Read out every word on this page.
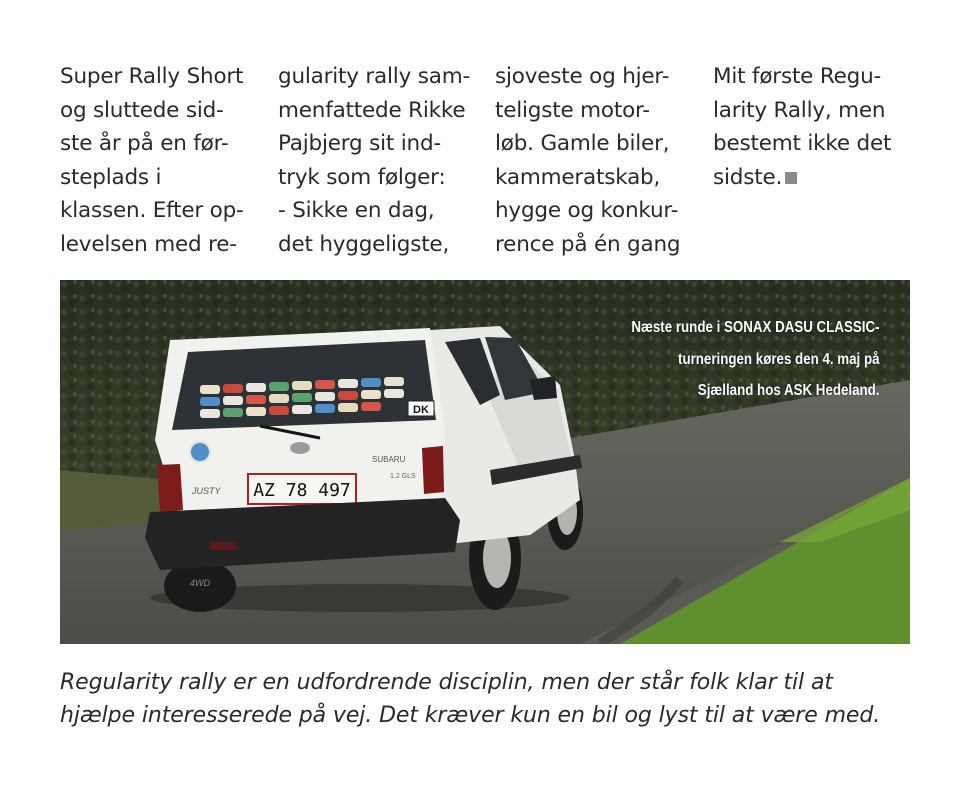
Super Rally Short

og sluttede sid-

ste år på en før-

steplads i

klassen. Efter op-

levelsen med re-

gularity rally sam-

menfattede Rikke

Pajbjerg sit ind-

tryk som følger:

- Sikke en dag,

det hyggeligste,

sjoveste og hjer-

teligste motor-

løb. Gamle biler,

kammeratskab,

hygge og konkur-

rence på én gang

Mit første Regu-

larity Rally, men

bestemt ikke det

sidste.

DK
SUBARU
JUSTY
1.2 GLS
AZ 78 497
4WD

Næste runde i SONAX DASU CLASSIC-

turneringen køres den 4. maj på

Sjælland hos ASK Hedeland.

Regularity rally er en udfordrende disciplin, men der står folk klar til at

hjælpe interesserede på vej. Det kræver kun en bil og lyst til at være med.
